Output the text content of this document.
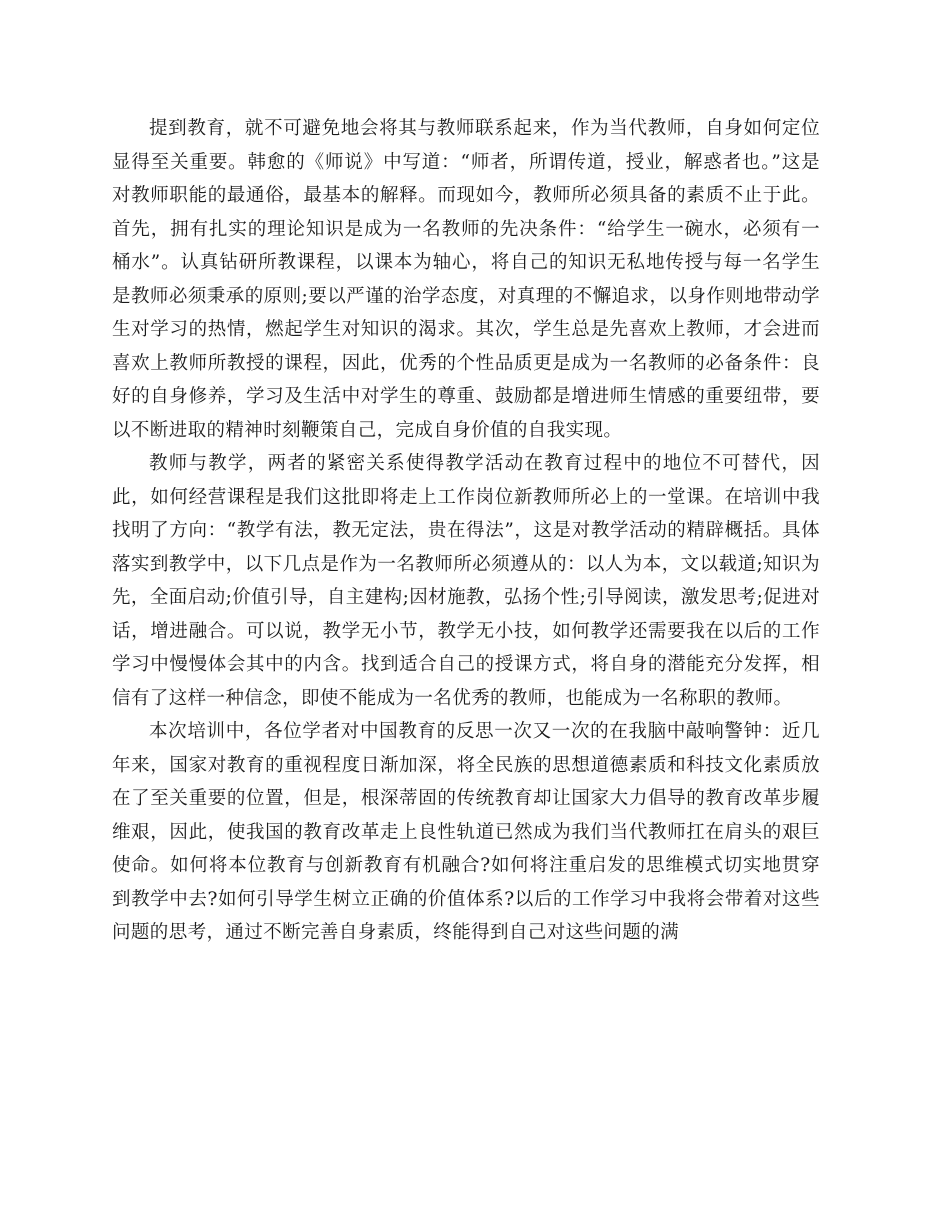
提到教育，就不可避免地会将其与教师联系起来，作为当代教师，自身如何定位显得至关重要。韩愈的《师说》中写道：“师者，所谓传道，授业，解惑者也。”这是对教师职能的最通俗，最基本的解释。而现如今，教师所必须具备的素质不止于此。首先，拥有扎实的理论知识是成为一名教师的先决条件：“给学生一碗水，必须有一桶水”。认真钻研所教课程，以课本为轴心，将自己的知识无私地传授与每一名学生是教师必须秉承的原则;要以严谨的治学态度，对真理的不懈追求，以身作则地带动学生对学习的热情，燃起学生对知识的渴求。其次，学生总是先喜欢上教师，才会进而喜欢上教师所教授的课程，因此，优秀的个性品质更是成为一名教师的必备条件：良好的自身修养，学习及生活中对学生的尊重、鼓励都是增进师生情感的重要纽带，要以不断进取的精神时刻鞭策自己，完成自身价值的自我实现。

教师与教学，两者的紧密关系使得教学活动在教育过程中的地位不可替代，因此，如何经营课程是我们这批即将走上工作岗位新教师所必上的一堂课。在培训中我找明了方向：“教学有法，教无定法，贵在得法”，这是对教学活动的精辟概括。具体落实到教学中，以下几点是作为一名教师所必须遵从的：以人为本，文以载道;知识为先，全面启动;价值引导，自主建构;因材施教，弘扬个性;引导阅读，激发思考;促进对话，增进融合。可以说，教学无小节，教学无小技，如何教学还需要我在以后的工作学习中慢慢体会其中的内含。找到适合自己的授课方式，将自身的潜能充分发挥，相信有了这样一种信念，即使不能成为一名优秀的教师，也能成为一名称职的教师。

本次培训中，各位学者对中国教育的反思一次又一次的在我脑中敲响警钟：近几年来，国家对教育的重视程度日渐加深，将全民族的思想道德素质和科技文化素质放在了至关重要的位置，但是，根深蒂固的传统教育却让国家大力倡导的教育改革步履维艰，因此，使我国的教育改革走上良性轨道已然成为我们当代教师扛在肩头的艰巨使命。如何将本位教育与创新教育有机融合?如何将注重启发的思维模式切实地贯穿到教学中去?如何引导学生树立正确的价值体系?以后的工作学习中我将会带着对这些问题的思考，通过不断完善自身素质，终能得到自己对这些问题的满
